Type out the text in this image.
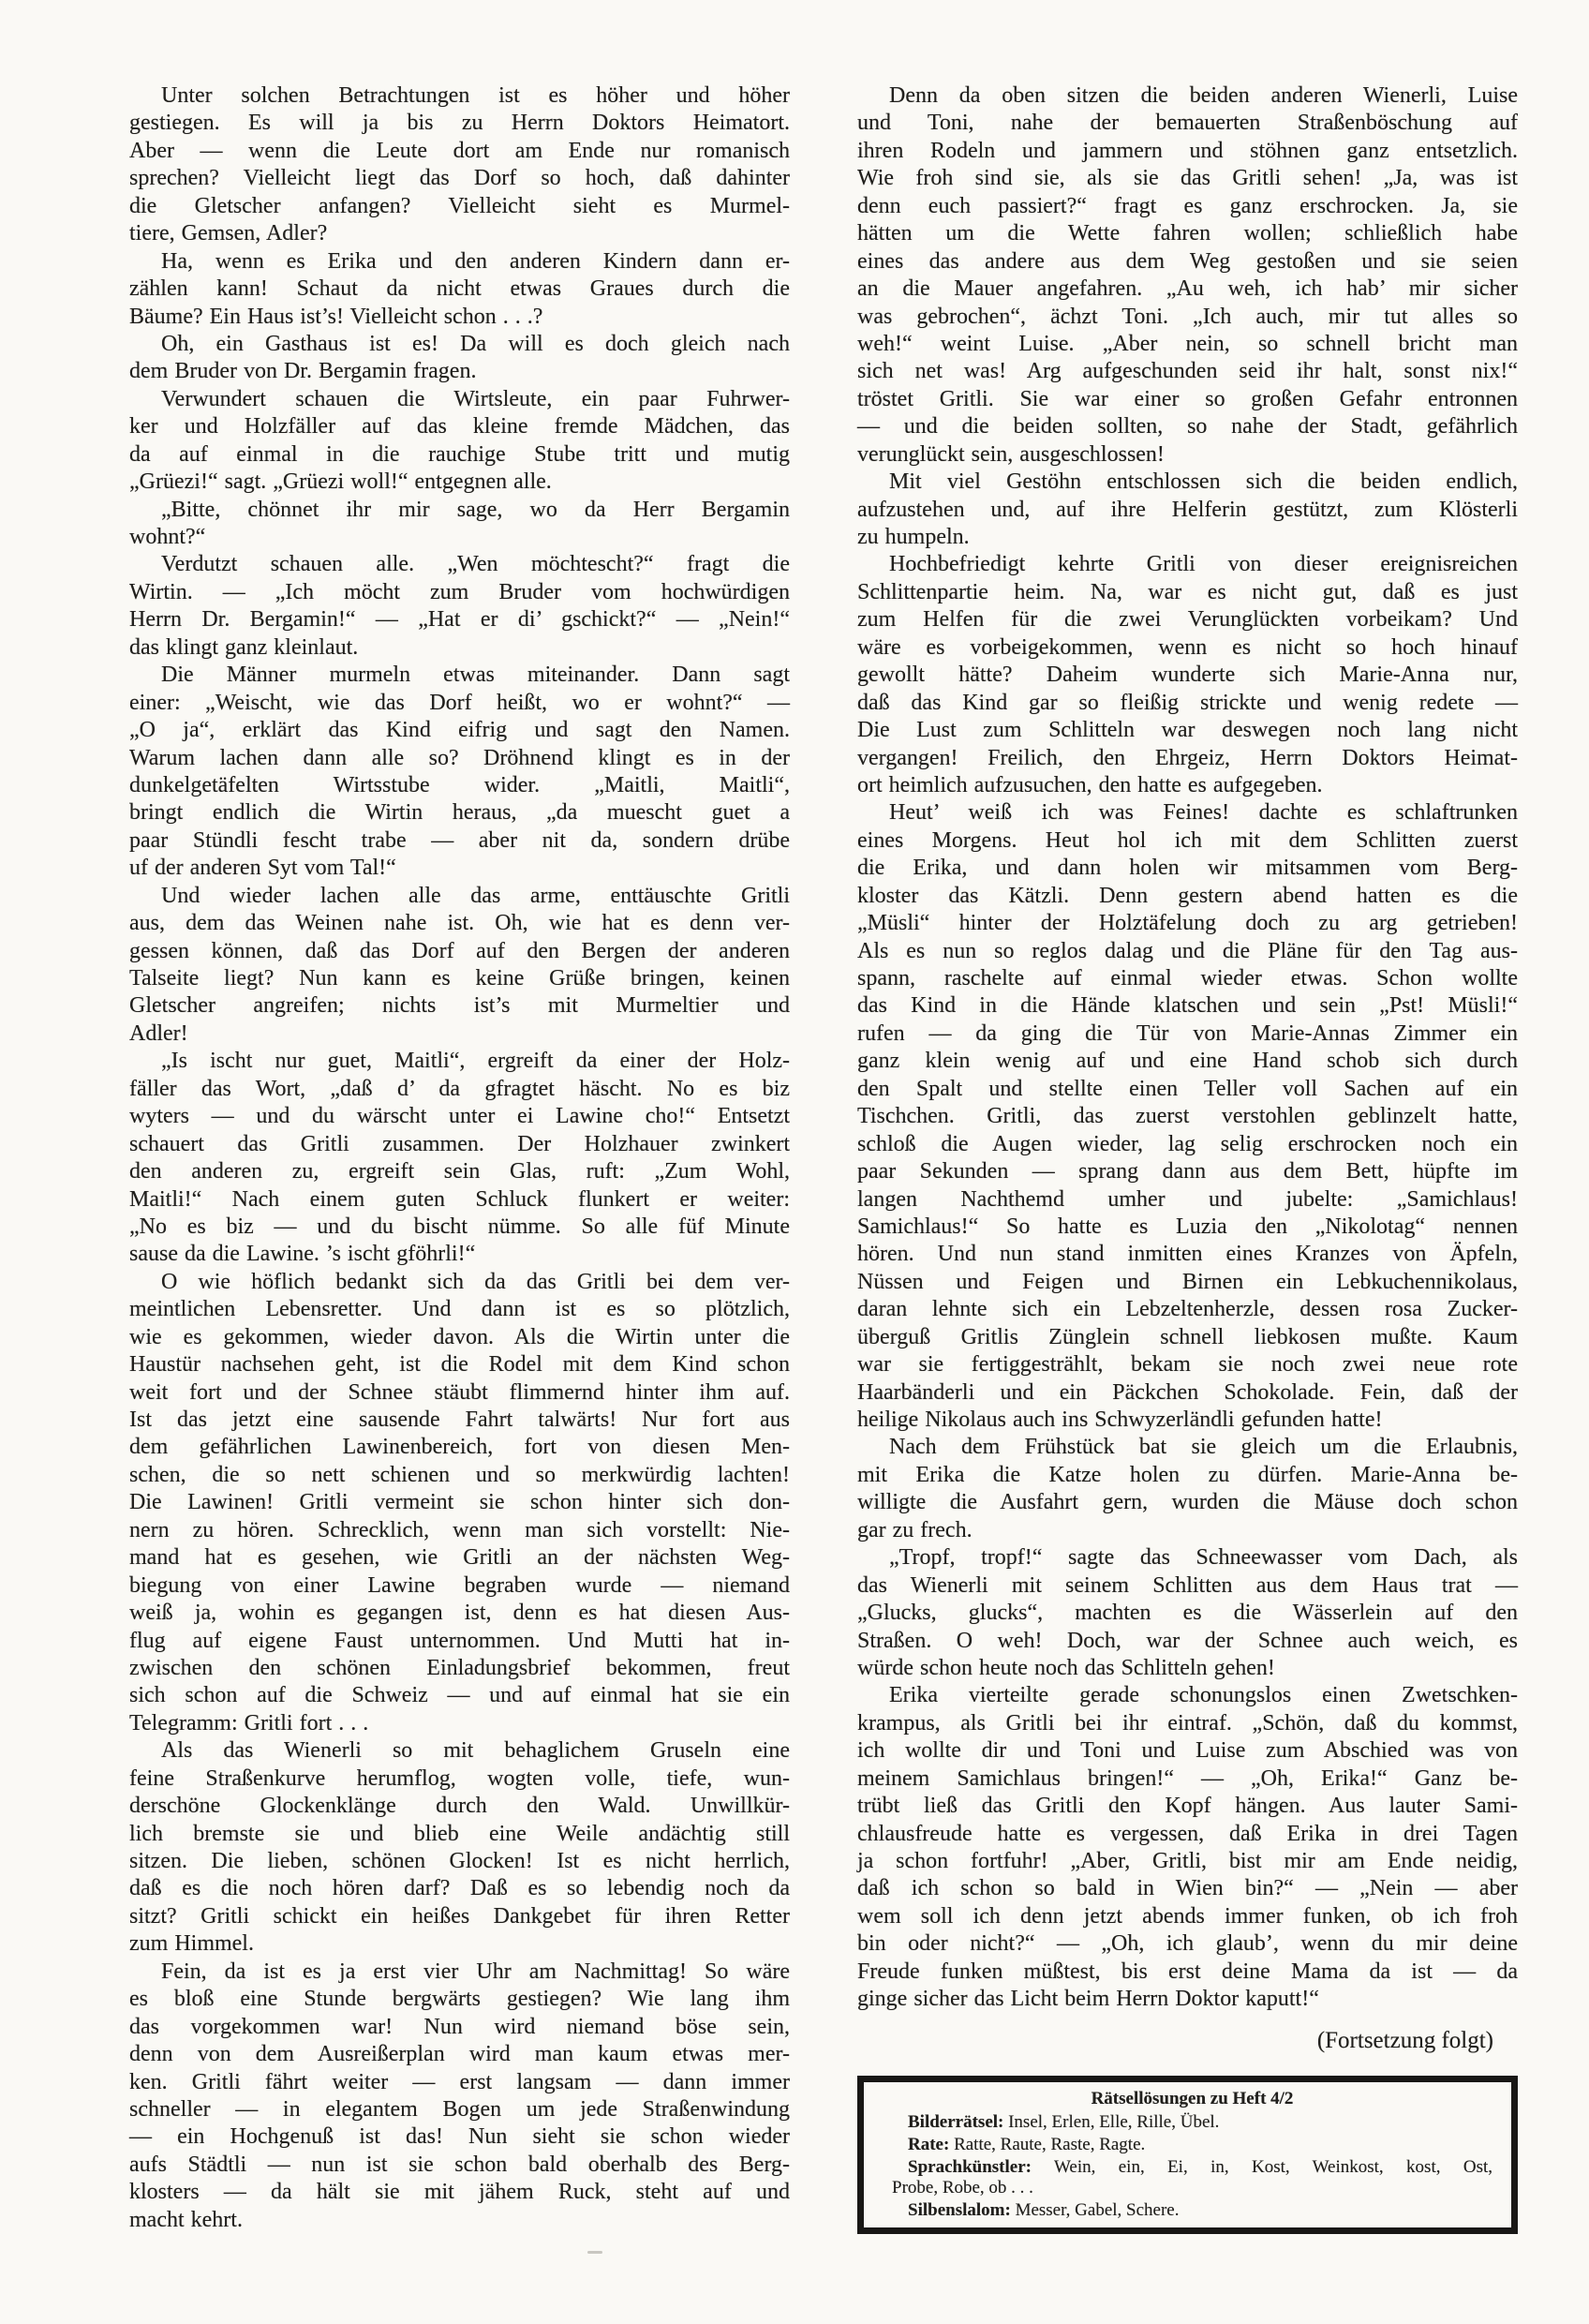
Unter solchen Betrachtungen ist es höher und höher
gestiegen. Es will ja bis zu Herrn Doktors Heimatort.
Aber — wenn die Leute dort am Ende nur romanisch
sprechen? Vielleicht liegt das Dorf so hoch, daß dahinter
die Gletscher anfangen? Vielleicht sieht es Murmel-
tiere, Gemsen, Adler?
Ha, wenn es Erika und den anderen Kindern dann er-
zählen kann! Schaut da nicht etwas Graues durch die
Bäume? Ein Haus ist’s! Vielleicht schon . . .?
Oh, ein Gasthaus ist es! Da will es doch gleich nach
dem Bruder von Dr. Bergamin fragen.
Verwundert schauen die Wirtsleute, ein paar Fuhrwer-
ker und Holzfäller auf das kleine fremde Mädchen, das
da auf einmal in die rauchige Stube tritt und mutig
„Grüezi!“ sagt. „Grüezi woll!“ entgegnen alle.
„Bitte, chönnet ihr mir sage, wo da Herr Bergamin
wohnt?“
Verdutzt schauen alle. „Wen möchtescht?“ fragt die
Wirtin. — „Ich möcht zum Bruder vom hochwürdigen
Herrn Dr. Bergamin!“ — „Hat er di’ gschickt?“ — „Nein!“
das klingt ganz kleinlaut.
Die Männer murmeln etwas miteinander. Dann sagt
einer: „Weischt, wie das Dorf heißt, wo er wohnt?“ —
„O ja“, erklärt das Kind eifrig und sagt den Namen.
Warum lachen dann alle so? Dröhnend klingt es in der
dunkelgetäfelten Wirtsstube wider. „Maitli, Maitli“,
bringt endlich die Wirtin heraus, „da muescht guet a
paar Stündli fescht trabe — aber nit da, sondern drübe
uf der anderen Syt vom Tal!“
Und wieder lachen alle das arme, enttäuschte Gritli
aus, dem das Weinen nahe ist. Oh, wie hat es denn ver-
gessen können, daß das Dorf auf den Bergen der anderen
Talseite liegt? Nun kann es keine Grüße bringen, keinen
Gletscher angreifen; nichts ist’s mit Murmeltier und
Adler!
„Is ischt nur guet, Maitli“, ergreift da einer der Holz-
fäller das Wort, „daß d’ da gfragtet häscht. No es biz
wyters — und du wärscht unter ei Lawine cho!“ Entsetzt
schauert das Gritli zusammen. Der Holzhauer zwinkert
den anderen zu, ergreift sein Glas, ruft: „Zum Wohl,
Maitli!“ Nach einem guten Schluck flunkert er weiter:
„No es biz — und du bischt nümme. So alle füf Minute
sause da die Lawine. ’s ischt gföhrli!“
O wie höflich bedankt sich da das Gritli bei dem ver-
meintlichen Lebensretter. Und dann ist es so plötzlich,
wie es gekommen, wieder davon. Als die Wirtin unter die
Haustür nachsehen geht, ist die Rodel mit dem Kind schon
weit fort und der Schnee stäubt flimmernd hinter ihm auf.
Ist das jetzt eine sausende Fahrt talwärts! Nur fort aus
dem gefährlichen Lawinenbereich, fort von diesen Men-
schen, die so nett schienen und so merkwürdig lachten!
Die Lawinen! Gritli vermeint sie schon hinter sich don-
nern zu hören. Schrecklich, wenn man sich vorstellt: Nie-
mand hat es gesehen, wie Gritli an der nächsten Weg-
biegung von einer Lawine begraben wurde — niemand
weiß ja, wohin es gegangen ist, denn es hat diesen Aus-
flug auf eigene Faust unternommen. Und Mutti hat in-
zwischen den schönen Einladungsbrief bekommen, freut
sich schon auf die Schweiz — und auf einmal hat sie ein
Telegramm: Gritli fort . . .
Als das Wienerli so mit behaglichem Gruseln eine
feine Straßenkurve herumflog, wogten volle, tiefe, wun-
derschöne Glockenklänge durch den Wald. Unwillkür-
lich bremste sie und blieb eine Weile andächtig still
sitzen. Die lieben, schönen Glocken! Ist es nicht herrlich,
daß es die noch hören darf? Daß es so lebendig noch da
sitzt? Gritli schickt ein heißes Dankgebet für ihren Retter
zum Himmel.
Fein, da ist es ja erst vier Uhr am Nachmittag! So wäre
es bloß eine Stunde bergwärts gestiegen? Wie lang ihm
das vorgekommen war! Nun wird niemand böse sein,
denn von dem Ausreißerplan wird man kaum etwas mer-
ken. Gritli fährt weiter — erst langsam — dann immer
schneller — in elegantem Bogen um jede Straßenwindung
— ein Hochgenuß ist das! Nun sieht sie schon wieder
aufs Städtli — nun ist sie schon bald oberhalb des Berg-
klosters — da hält sie mit jähem Ruck, steht auf und
macht kehrt.
Denn da oben sitzen die beiden anderen Wienerli, Luise
und Toni, nahe der bemauerten Straßenböschung auf
ihren Rodeln und jammern und stöhnen ganz entsetzlich.
Wie froh sind sie, als sie das Gritli sehen! „Ja, was ist
denn euch passiert?“ fragt es ganz erschrocken. Ja, sie
hätten um die Wette fahren wollen; schließlich habe
eines das andere aus dem Weg gestoßen und sie seien
an die Mauer angefahren. „Au weh, ich hab’ mir sicher
was gebrochen“, ächzt Toni. „Ich auch, mir tut alles so
weh!“ weint Luise. „Aber nein, so schnell bricht man
sich net was! Arg aufgeschunden seid ihr halt, sonst nix!“
tröstet Gritli. Sie war einer so großen Gefahr entronnen
— und die beiden sollten, so nahe der Stadt, gefährlich
verunglückt sein, ausgeschlossen!
Mit viel Gestöhn entschlossen sich die beiden endlich,
aufzustehen und, auf ihre Helferin gestützt, zum Klösterli
zu humpeln.
Hochbefriedigt kehrte Gritli von dieser ereignisreichen
Schlittenpartie heim. Na, war es nicht gut, daß es just
zum Helfen für die zwei Verunglückten vorbeikam? Und
wäre es vorbeigekommen, wenn es nicht so hoch hinauf
gewollt hätte? Daheim wunderte sich Marie-Anna nur,
daß das Kind gar so fleißig strickte und wenig redete —
Die Lust zum Schlitteln war deswegen noch lang nicht
vergangen! Freilich, den Ehrgeiz, Herrn Doktors Heimat-
ort heimlich aufzusuchen, den hatte es aufgegeben.
Heut’ weiß ich was Feines! dachte es schlaftrunken
eines Morgens. Heut hol ich mit dem Schlitten zuerst
die Erika, und dann holen wir mitsammen vom Berg-
kloster das Kätzli. Denn gestern abend hatten es die
„Müsli“ hinter der Holztäfelung doch zu arg getrieben!
Als es nun so reglos dalag und die Pläne für den Tag aus-
spann, raschelte auf einmal wieder etwas. Schon wollte
das Kind in die Hände klatschen und sein „Pst! Müsli!“
rufen — da ging die Tür von Marie-Annas Zimmer ein
ganz klein wenig auf und eine Hand schob sich durch
den Spalt und stellte einen Teller voll Sachen auf ein
Tischchen. Gritli, das zuerst verstohlen geblinzelt hatte,
schloß die Augen wieder, lag selig erschrocken noch ein
paar Sekunden — sprang dann aus dem Bett, hüpfte im
langen Nachthemd umher und jubelte: „Samichlaus!
Samichlaus!“ So hatte es Luzia den „Nikolotag“ nennen
hören. Und nun stand inmitten eines Kranzes von Äpfeln,
Nüssen und Feigen und Birnen ein Lebkuchennikolaus,
daran lehnte sich ein Lebzeltenherzle, dessen rosa Zucker-
überguß Gritlis Zünglein schnell liebkosen mußte. Kaum
war sie fertiggestrählt, bekam sie noch zwei neue rote
Haarbänderli und ein Päckchen Schokolade. Fein, daß der
heilige Nikolaus auch ins Schwyzerländli gefunden hatte!
Nach dem Frühstück bat sie gleich um die Erlaubnis,
mit Erika die Katze holen zu dürfen. Marie-Anna be-
willigte die Ausfahrt gern, wurden die Mäuse doch schon
gar zu frech.
„Tropf, tropf!“ sagte das Schneewasser vom Dach, als
das Wienerli mit seinem Schlitten aus dem Haus trat —
„Glucks, glucks“, machten es die Wässerlein auf den
Straßen. O weh! Doch, war der Schnee auch weich, es
würde schon heute noch das Schlitteln gehen!
Erika vierteilte gerade schonungslos einen Zwetschken-
krampus, als Gritli bei ihr eintraf. „Schön, daß du kommst,
ich wollte dir und Toni und Luise zum Abschied was von
meinem Samichlaus bringen!“ — „Oh, Erika!“ Ganz be-
trübt ließ das Gritli den Kopf hängen. Aus lauter Sami-
chlausfreude hatte es vergessen, daß Erika in drei Tagen
ja schon fortfuhr! „Aber, Gritli, bist mir am Ende neidig,
daß ich schon so bald in Wien bin?“ — „Nein — aber
wem soll ich denn jetzt abends immer funken, ob ich froh
bin oder nicht?“ — „Oh, ich glaub’, wenn du mir deine
Freude funken müßtest, bis erst deine Mama da ist — da
ginge sicher das Licht beim Herrn Doktor kaputt!“
(Fortsetzung folgt)
Rätsellösungen zu Heft 4/2
Bilderrätsel: Insel, Erlen, Elle, Rille, Übel.
Rate: Ratte, Raute, Raste, Ragte.
Sprachkünstler: Wein, ein, Ei, in, Kost, Weinkost, kost, Ost,
Probe, Robe, ob . . .
Silbenslalom: Messer, Gabel, Schere.
